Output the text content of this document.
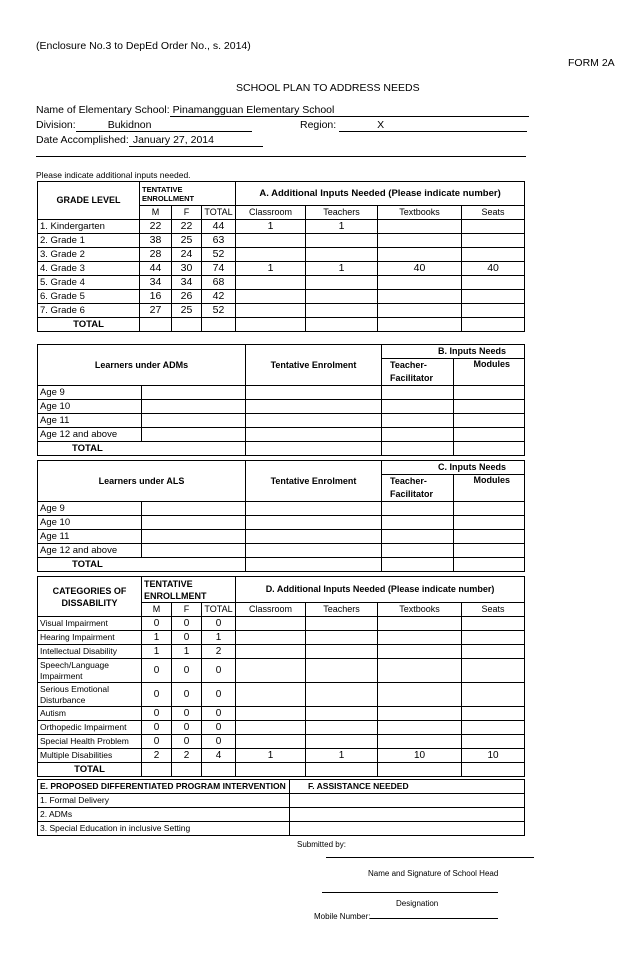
(Enclosure No.3 to DepEd Order No., s. 2014)
FORM 2A
SCHOOL PLAN TO ADDRESS NEEDS
Name of Elementary School: Pinamangguan Elementary School
Division:	Bukidnon	Region:	X
Date Accomplished: January 27, 2014
Please indicate additional inputs needed.
GRADE LEVEL	TENTATIVE ENROLLMENT			A. Additional Inputs Needed (Please indicate number)			
	M	F	TOTAL	Classroom	Teachers	Textbooks	Seats
1. Kindergarten	22	22	44	1	1		
2. Grade 1	38	25	63				
3. Grade 2	28	24	52				
4. Grade 3	44	30	74	1	1	40	40
5. Grade 4	34	34	68				
6. Grade 5	16	26	42				
7. Grade 6	27	25	52				
TOTAL							
Learners under ADMs		Tentative Enrolment	B. Inputs Needs	
			Teacher-	Modules
			Facilitator	
Age 9				
Age 10				
Age 11				
Age 12 and above				
TOTAL				
Learners under ALS		Tentative Enrolment	C. Inputs Needs	
			Teacher-	Modules
			Facilitator	
Age 9				
Age 10				
Age 11				
Age 12 and above				
TOTAL				
CATEGORIES OF DISSABILITY	TENTATIVE ENROLLMENT			D. Additional Inputs Needed (Please indicate number)			
	M	F	TOTAL	Classroom	Teachers	Textbooks	Seats
Visual Impairment	0	0	0				
Hearing Impairment	1	0	1				
Intellectual Disability	1	1	2				
Speech/Language Impairment	0	0	0				
Serious Emotional Disturbance	0	0	0				
Autism	0	0	0				
Orthopedic Impairment	0	0	0				
Special Health Problem	0	0	0				
Multiple Disabilities	2	2	4	1	1	10	10
TOTAL							
E. PROPOSED DIFFERENTIATED PROGRAM INTERVENTION	F. ASSISTANCE NEEDED
1. Formal Delivery	
2. ADMs	
3. Special Education in inclusive Setting	
Submitted by:
Name and Signature of School Head
Designation
Mobile Number:
